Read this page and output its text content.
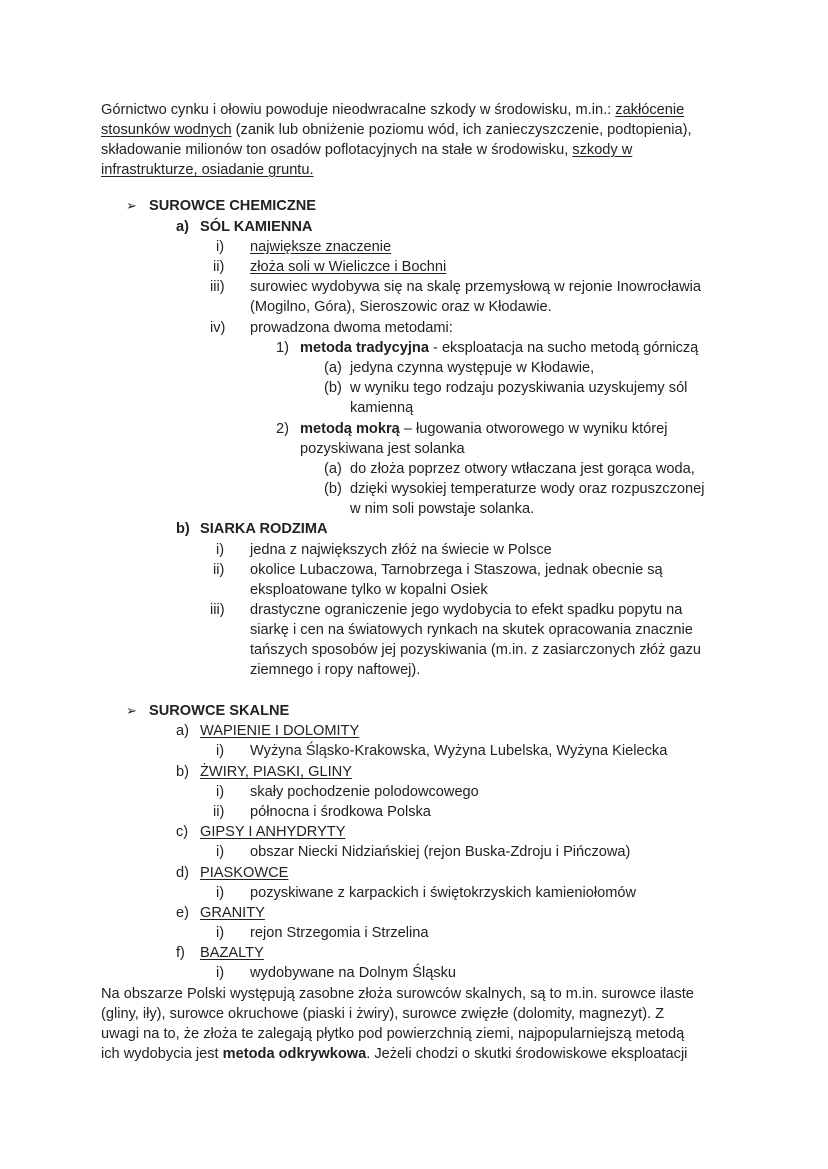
Górnictwo cynku i ołowiu powoduje nieodwracalne szkody w środowisku, m.in.: zakłócenie
stosunków wodnych (zanik lub obniżenie poziomu wód, ich zanieczyszczenie, podtopienia),
składowanie milionów ton osadów poflotacyjnych na stałe w środowisku, szkody w
infrastrukturze, osiadanie gruntu.
➢ SUROWCE CHEMICZNE
a) SÓL KAMIENNA
i) największe znaczenie
ii) złoża soli w Wieliczce i Bochni
iii) surowiec wydobywa się na skalę przemysłową w rejonie Inowrocławia
(Mogilno, Góra), Sieroszowic oraz w Kłodawie.
iv) prowadzona dwoma metodami:
1) metoda tradycyjna - eksploatacja na sucho metodą górniczą
(a) jedyna czynna występuje w Kłodawie,
(b) w wyniku tego rodzaju pozyskiwania uzyskujemy sól
kamienną
2) metodą mokrą – ługowania otworowego w wyniku której
pozyskiwana jest solanka
(a) do złoża poprzez otwory wtłaczana jest gorąca woda,
(b) dzięki wysokiej temperaturze wody oraz rozpuszczonej
w nim soli powstaje solanka.
b) SIARKA RODZIMA
i) jedna z największych złóż na świecie w Polsce
ii) okolice Lubaczowa, Tarnobrzega i Staszowa, jednak obecnie są
eksploatowane tylko w kopalni Osiek
iii) drastyczne ograniczenie jego wydobycia to efekt spadku popytu na
siarkę i cen na światowych rynkach na skutek opracowania znacznie
tańszych sposobów jej pozyskiwania (m.in. z zasiarczonych złóż gazu
ziemnego i ropy naftowej).
➢ SUROWCE SKALNE
a) WAPIENIE I DOLOMITY
i) Wyżyna Śląsko-Krakowska, Wyżyna Lubelska, Wyżyna Kielecka
b) ŻWIRY, PIASKI, GLINY
i) skały pochodzenie polodowcowego
ii) północna i środkowa Polska
c) GIPSY I ANHYDRYTY
i) obszar Niecki Nidziańskiej (rejon Buska-Zdroju i Pińczowa)
d) PIASKOWCE
i) pozyskiwane z karpackich i świętokrzyskich kamieniołomów
e) GRANITY
i) rejon Strzegomia i Strzelina
f) BAZALTY
i) wydobywane na Dolnym Śląsku
Na obszarze Polski występują zasobne złoża surowców skalnych, są to m.in. surowce ilaste
(gliny, iły), surowce okruchowe (piaski i żwiry), surowce zwięzłe (dolomity, magnezyt). Z
uwagi na to, że złoża te zalegają płytko pod powierzchnią ziemi, najpopularniejszą metodą
ich wydobycia jest metoda odkrywkowa. Jeżeli chodzi o skutki środowiskowe eksploatacji
